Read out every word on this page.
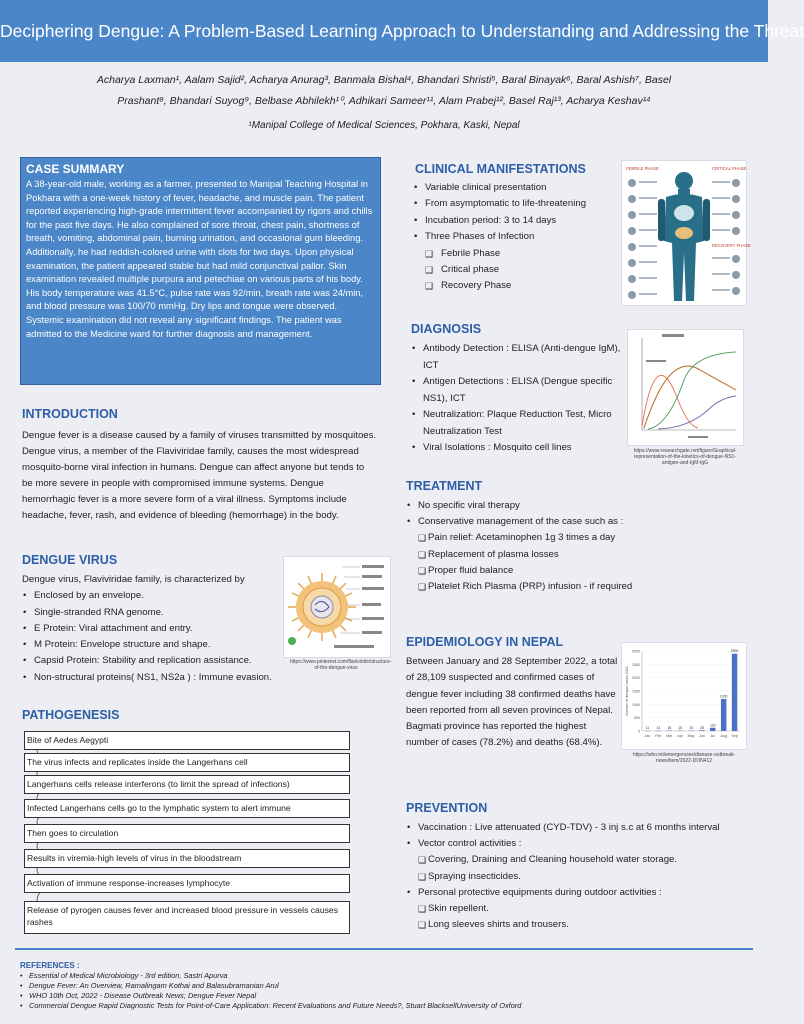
Deciphering Dengue: A Problem-Based Learning Approach to Understanding and Addressing the Threat
Acharya Laxman¹, Aalam Sajid², Acharya Anurag³, Banmala Bishal⁴, Bhandari Shristi⁵, Baral Binayak⁶, Baral Ashish⁷, Basel
Prashant⁸, Bhandari Suyog⁹, Belbase Abhilekh¹⁰, Adhikari Sameer¹¹, Alam Prabej¹², Basel Raj¹³, Acharya Keshav¹⁴
¹Manipal College of Medical Sciences, Pokhara, Kaski, Nepal
CASE SUMMARY
A 38-year-old male, working as a farmer, presented to Manipal Teaching Hospital in Pokhara with a one-week history of fever, headache, and muscle pain. The patient reported experiencing high-grade intermittent fever accompanied by rigors and chills for the past five days. He also complained of sore throat, chest pain, shortness of breath, vomiting, abdominal pain, burning urination, and occasional gum bleeding. Additionally, he had reddish-colored urine with clots for two days. Upon physical examination, the patient appeared stable but had mild conjunctival pallor. Skin examination revealed multiple purpura and petechiae on various parts of his body. His body temperature was 41.5°C, pulse rate was 92/min, breath rate was 24/min, and blood pressure was 100/70 mmHg. Dry lips and tongue were observed. Systemic examination did not reveal any significant findings. The patient was admitted to the Medicine ward for further diagnosis and management.
INTRODUCTION
Dengue fever is a disease caused by a family of viruses transmitted by mosquitoes. Dengue virus, a member of the Flaviviridae family, causes the most widespread mosquito-borne viral infection in humans. Dengue can affect anyone but tends to be more severe in people with compromised immune systems. Dengue hemorrhagic fever is a more severe form of a viral illness. Symptoms include headache, fever, rash, and evidence of bleeding (hemorrhage) in the body.
DENGUE VIRUS
Dengue virus, Flaviviridae family, is characterized by
• Enclosed by an envelope.
• Single-stranded RNA genome.
• E Protein: Viral attachment and entry.
• M Protein: Envelope structure and shape.
• Capsid Protein: Stability and replication assistance.
• Non-structural proteins( NS1, NS2a ) : Immune evasion.
https://www.pinterest.com/flavivirids/structure-of-the-dengue-virus
PATHOGENESIS
Bite of Aedes Aegypti
The virus infects and replicates inside the Langerhans cell
Langerhans cells release interferons (to limit the spread of infections)
Infected Langerhans cells go to the lymphatic system to alert immune
Then goes to circulation
Results in viremia-high levels of virus in the bloodstream
Activation of immune response-increases lymphocyte
Release of pyrogen causes fever and increased blood pressure in vessels causes rashes
CLINICAL MANIFESTATIONS
• Variable clinical presentation
• From asymptomatic to life-threatening
• Incubation period: 3 to 14 days
• Three Phases of Infection
❑ Febrile Phase
❑ Critical phase
❑ Recovery Phase
FEBRILE PHASE	CRITICAL PHASE
RECOVERY PHASE
DIAGNOSIS
• Antibody Detection : ELISA (Anti-dengue IgM), ICT
• Antigen Detections : ELISA (Dengue specific NS1), ICT
• Neutralization: Plaque Reduction Test, Micro Neutralization Test
• Viral Isolations : Mosquito cell lines	https://www.researchgate.net/figure/Graphical-representation-of-the-kinetics-of-dengue-NS1-antigen-and-IgM-IgG
TREATMENT
• No specific viral therapy
• Conservative management of the case such as :
❑ Pain relief: Acetaminophen 1g 3 times a day
❑ Replacement of plasma losses
❑ Proper fluid balance
❑ Platelet Rich Plasma (PRP) infusion - if required
EPIDEMIOLOGY IN NEPAL
Between January and 28 September 2022, a total of 28,109 suspected and confirmed cases of dengue fever including 38 confirmed deaths have been reported from all seven provinces of Nepal. Bagmati province has reported the highest number of cases (78.2%) and deaths (68.4%).
0
500
1000
1500
2000
2500
3000
Number of dengue cases 2022
11
Jan
13
Feb
18
Mar
15
Apr
15
May
28
Jun
120
Jul
1200
Aug
2900
Sep
https://who.int/emergencies/disease-outbreak-news/item/2022-DON412
PREVENTION
• Vaccination : Live attenuated (CYD-TDV) - 3 inj s.c at 6 months interval
• Vector control activities :
❑ Covering, Draining and Cleaning household water storage.
❑ Spraying insecticides.
• Personal protective equipments during outdoor activities :
❑ Skin repellent.
❑ Long sleeves shirts and trousers.
REFERENCES :
• Essential of Medical Microbiology - 3rd edition, Sastri Apurva
• Dengue Fever: An Overview, Ramalingam Kothai and Balasubramanian Arul
• WHO 10th Oct, 2022 - Disease Outbreak News; Dengue Fever Nepal
• Commercial Dengue Rapid Diagnostic Tests for Point-of-Care Application: Recent Evaluations and Future Needs?, Stuart BlacksellUniversity of Oxford
